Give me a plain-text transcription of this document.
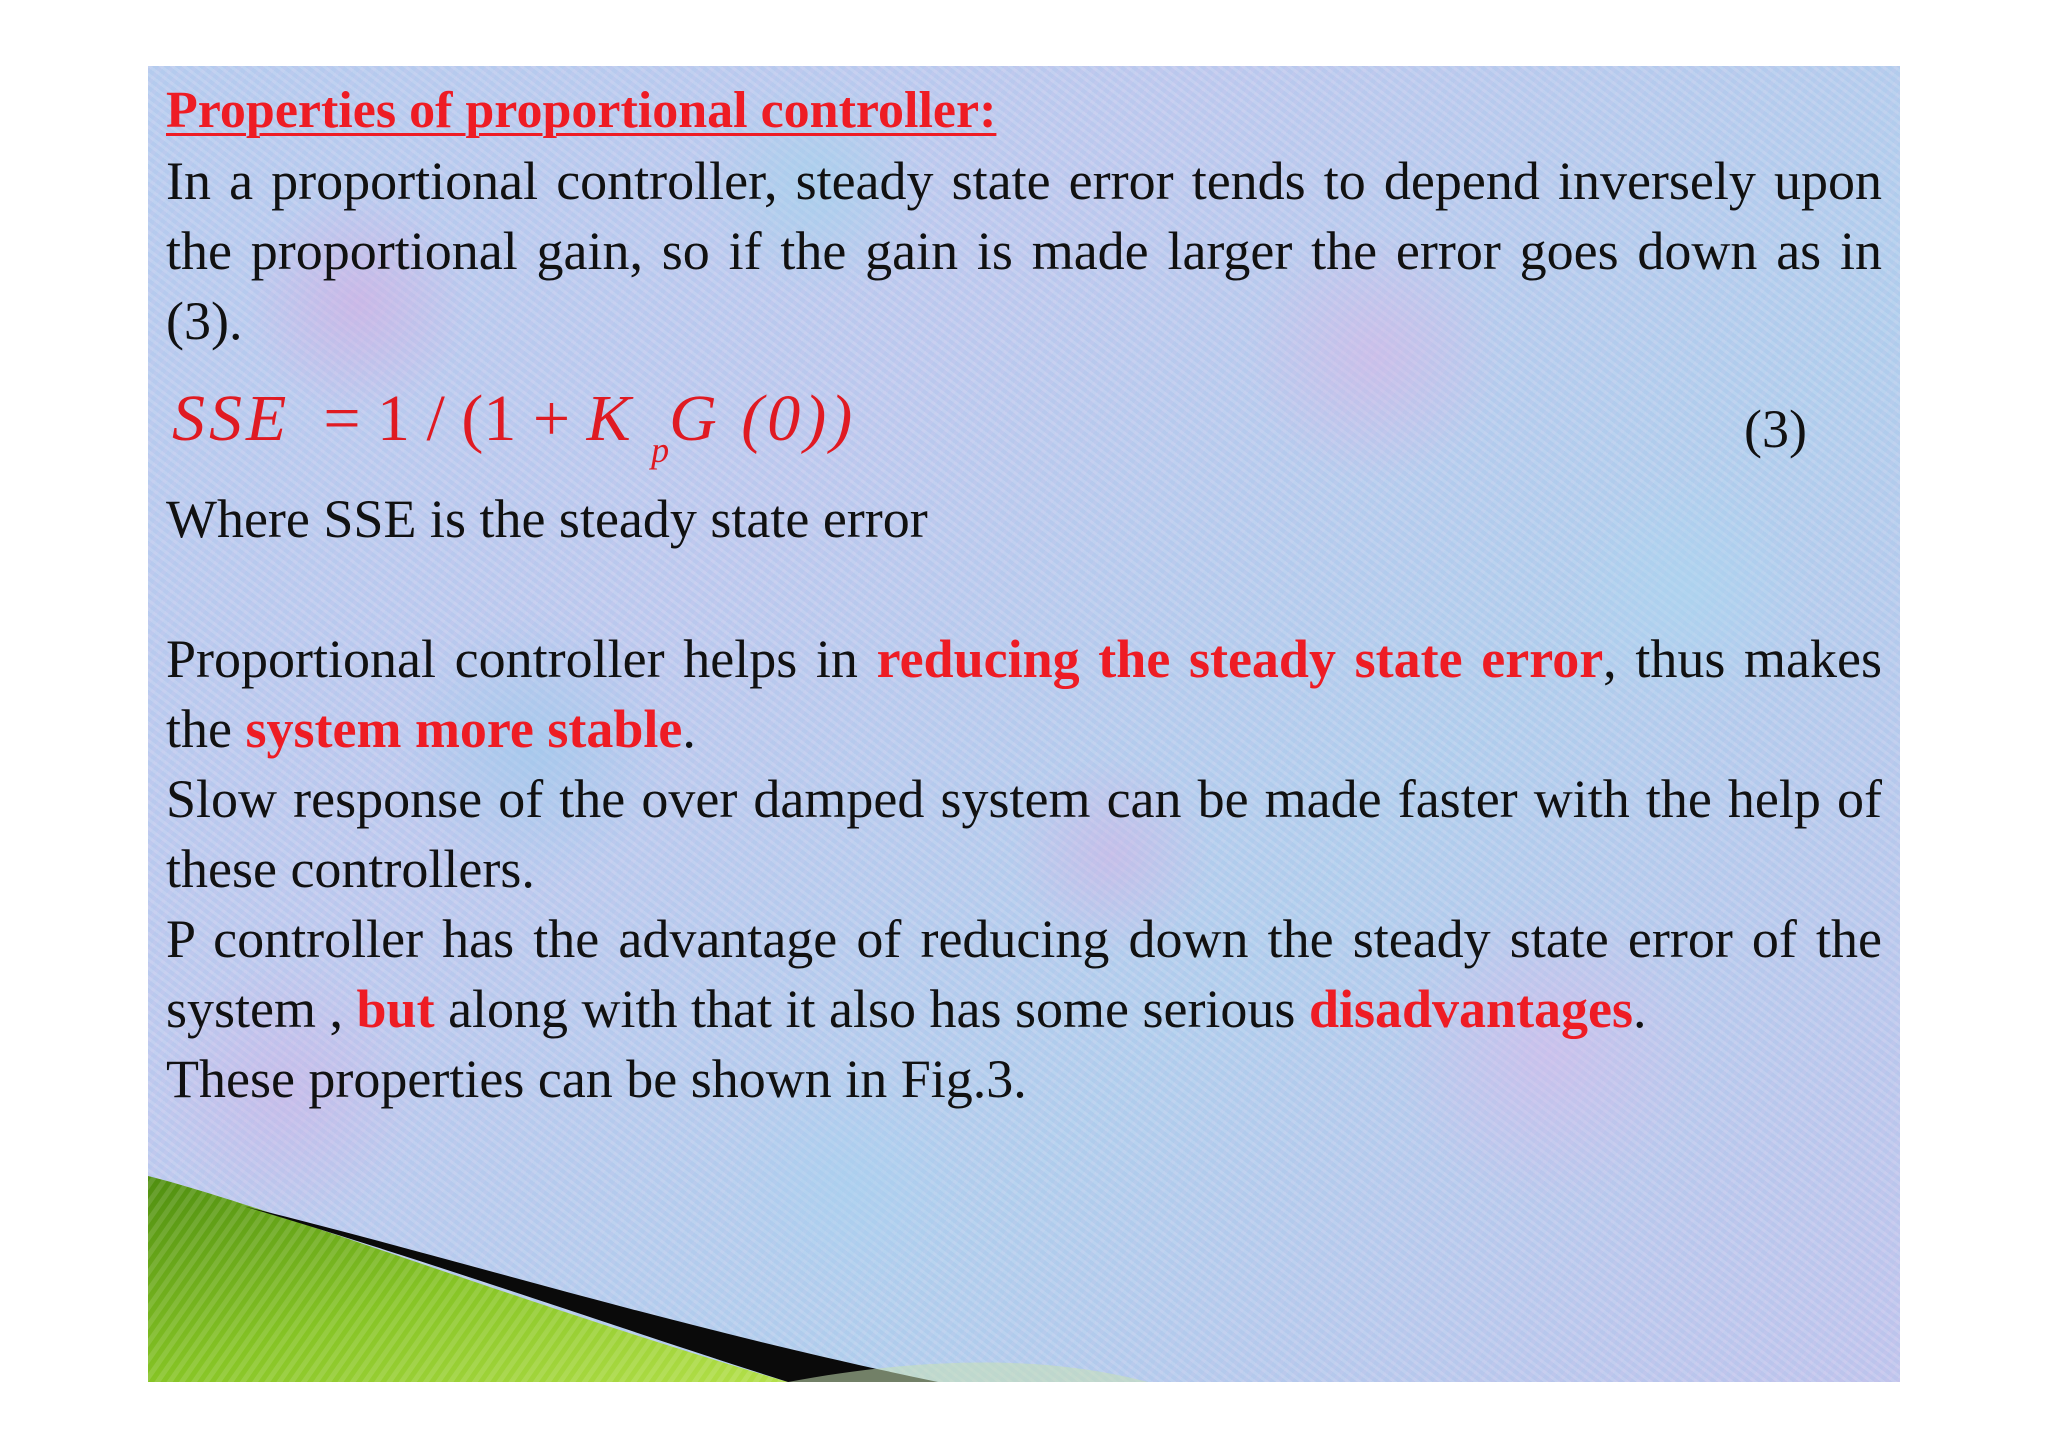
Properties of proportional controller:

In a proportional controller, steady state error tends to depend inversely upon the proportional gain, so if the gain is made larger the error goes down as in (3).

SSE = 1 / (1 + K $_p$G (0))	(3)

Where SSE is the steady state error

Proportional controller helps in reducing the steady state error, thus makes the system more stable.

Slow response of the over damped system can be made faster with the help of these controllers.

P controller has the advantage of reducing down the steady state error of the system , but along with that it also has some serious disadvantages.

These properties can be shown in Fig.3.
